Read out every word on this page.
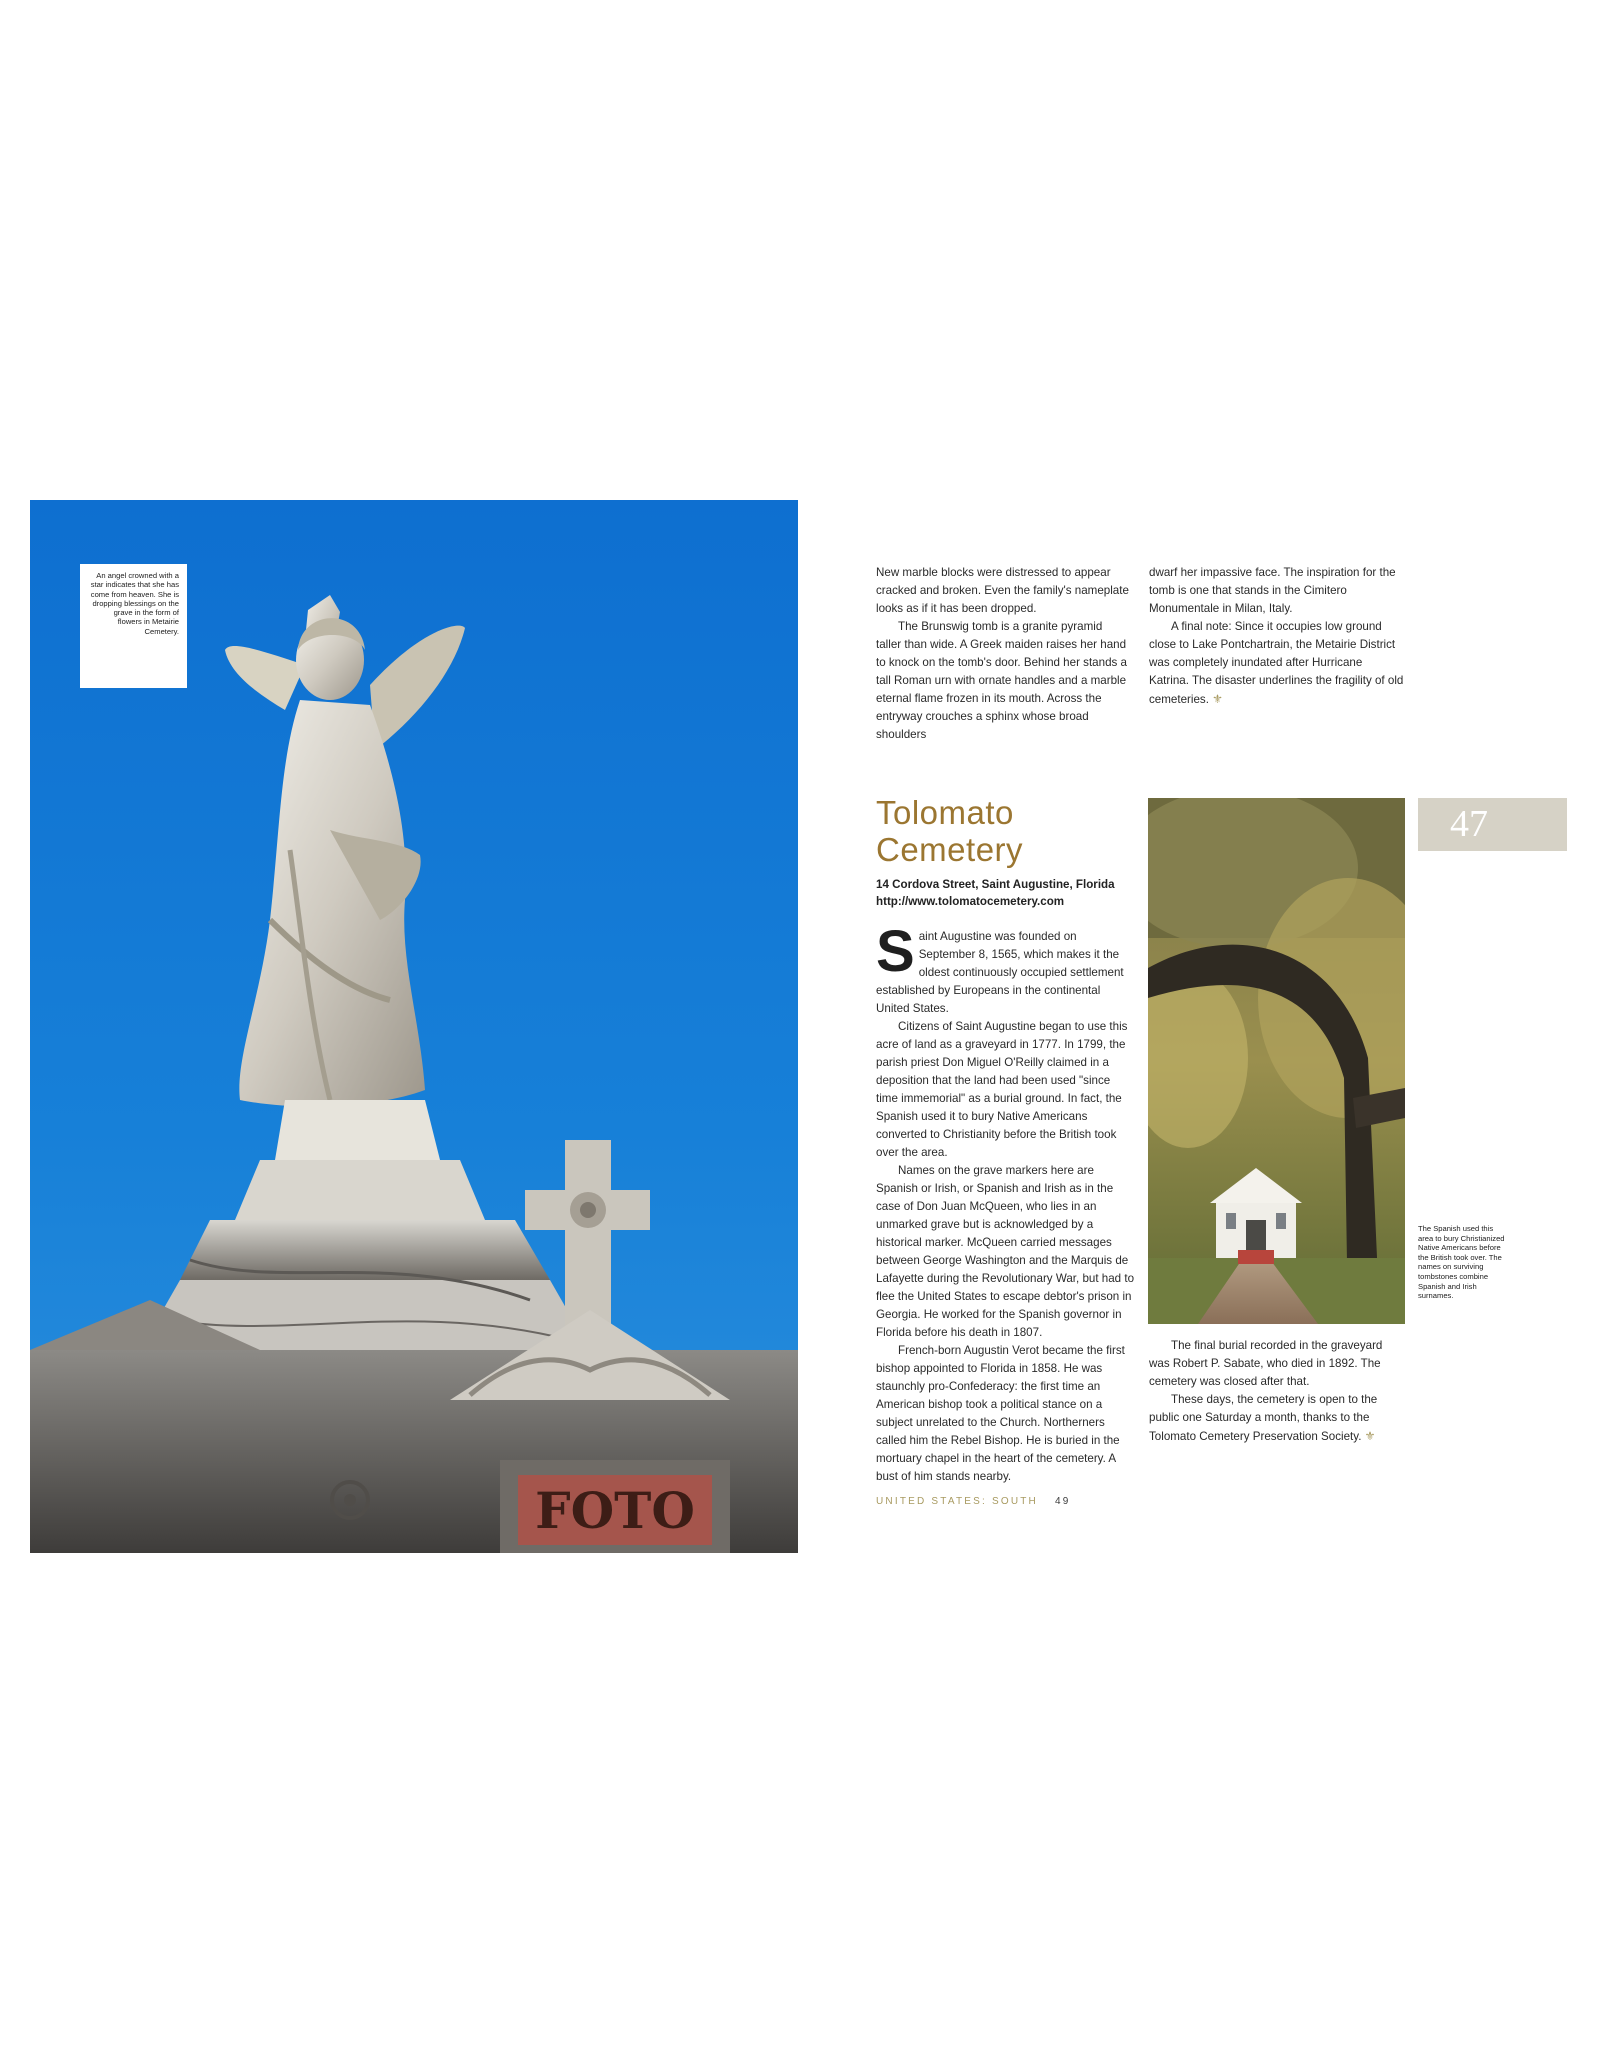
FOTO
An angel crowned with a star indicates that she has come from heaven. She is dropping blessings on the grave in the form of flowers in Metairie Cemetery.

New marble blocks were distressed to appear cracked and broken. Even the family's nameplate looks as if it has been dropped.

The Brunswig tomb is a granite pyramid taller than wide. A Greek maiden raises her hand to knock on the tomb's door. Behind her stands a tall Roman urn with ornate handles and a marble eternal flame frozen in its mouth. Across the entryway crouches a sphinx whose broad shoulders

dwarf her impassive face. The inspiration for the tomb is one that stands in the Cimitero Monumentale in Milan, Italy.

A final note: Since it occupies low ground close to Lake Pontchartrain, the Metairie District was completely inundated after Hurricane Katrina. The disaster underlines the fragility of old cemeteries. ⚜

Tolomato
Cemetery
14 Cordova Street, Saint Augustine, Florida
http://www.tolomatocemetery.com

Saint Augustine was founded on September 8, 1565, which makes it the oldest continuously occupied settlement established by Europeans in the continental United States.

Citizens of Saint Augustine began to use this acre of land as a graveyard in 1777. In 1799, the parish priest Don Miguel O'Reilly claimed in a deposition that the land had been used "since time immemorial" as a burial ground. In fact, the Spanish used it to bury Native Americans converted to Christianity before the British took over the area.

Names on the grave markers here are Spanish or Irish, or Spanish and Irish as in the case of Don Juan McQueen, who lies in an unmarked grave but is acknowledged by a historical marker. McQueen carried messages between George Washington and the Marquis de Lafayette during the Revolutionary War, but had to flee the United States to escape debtor's prison in Georgia. He worked for the Spanish governor in Florida before his death in 1807.

French-born Augustin Verot became the first bishop appointed to Florida in 1858. He was staunchly pro-Confederacy: the first time an American bishop took a political stance on a subject unrelated to the Church. Northerners called him the Rebel Bishop. He is buried in the mortuary chapel in the heart of the cemetery. A bust of him stands nearby.

47
The Spanish used this area to bury Christianized Native Americans before the British took over. The names on surviving tombstones combine Spanish and Irish surnames.

The final burial recorded in the graveyard was Robert P. Sabate, who died in 1892. The cemetery was closed after that.

These days, the cemetery is open to the public one Saturday a month, thanks to the Tolomato Cemetery Preservation Society. ⚜

UNITED STATES: SOUTH 49
